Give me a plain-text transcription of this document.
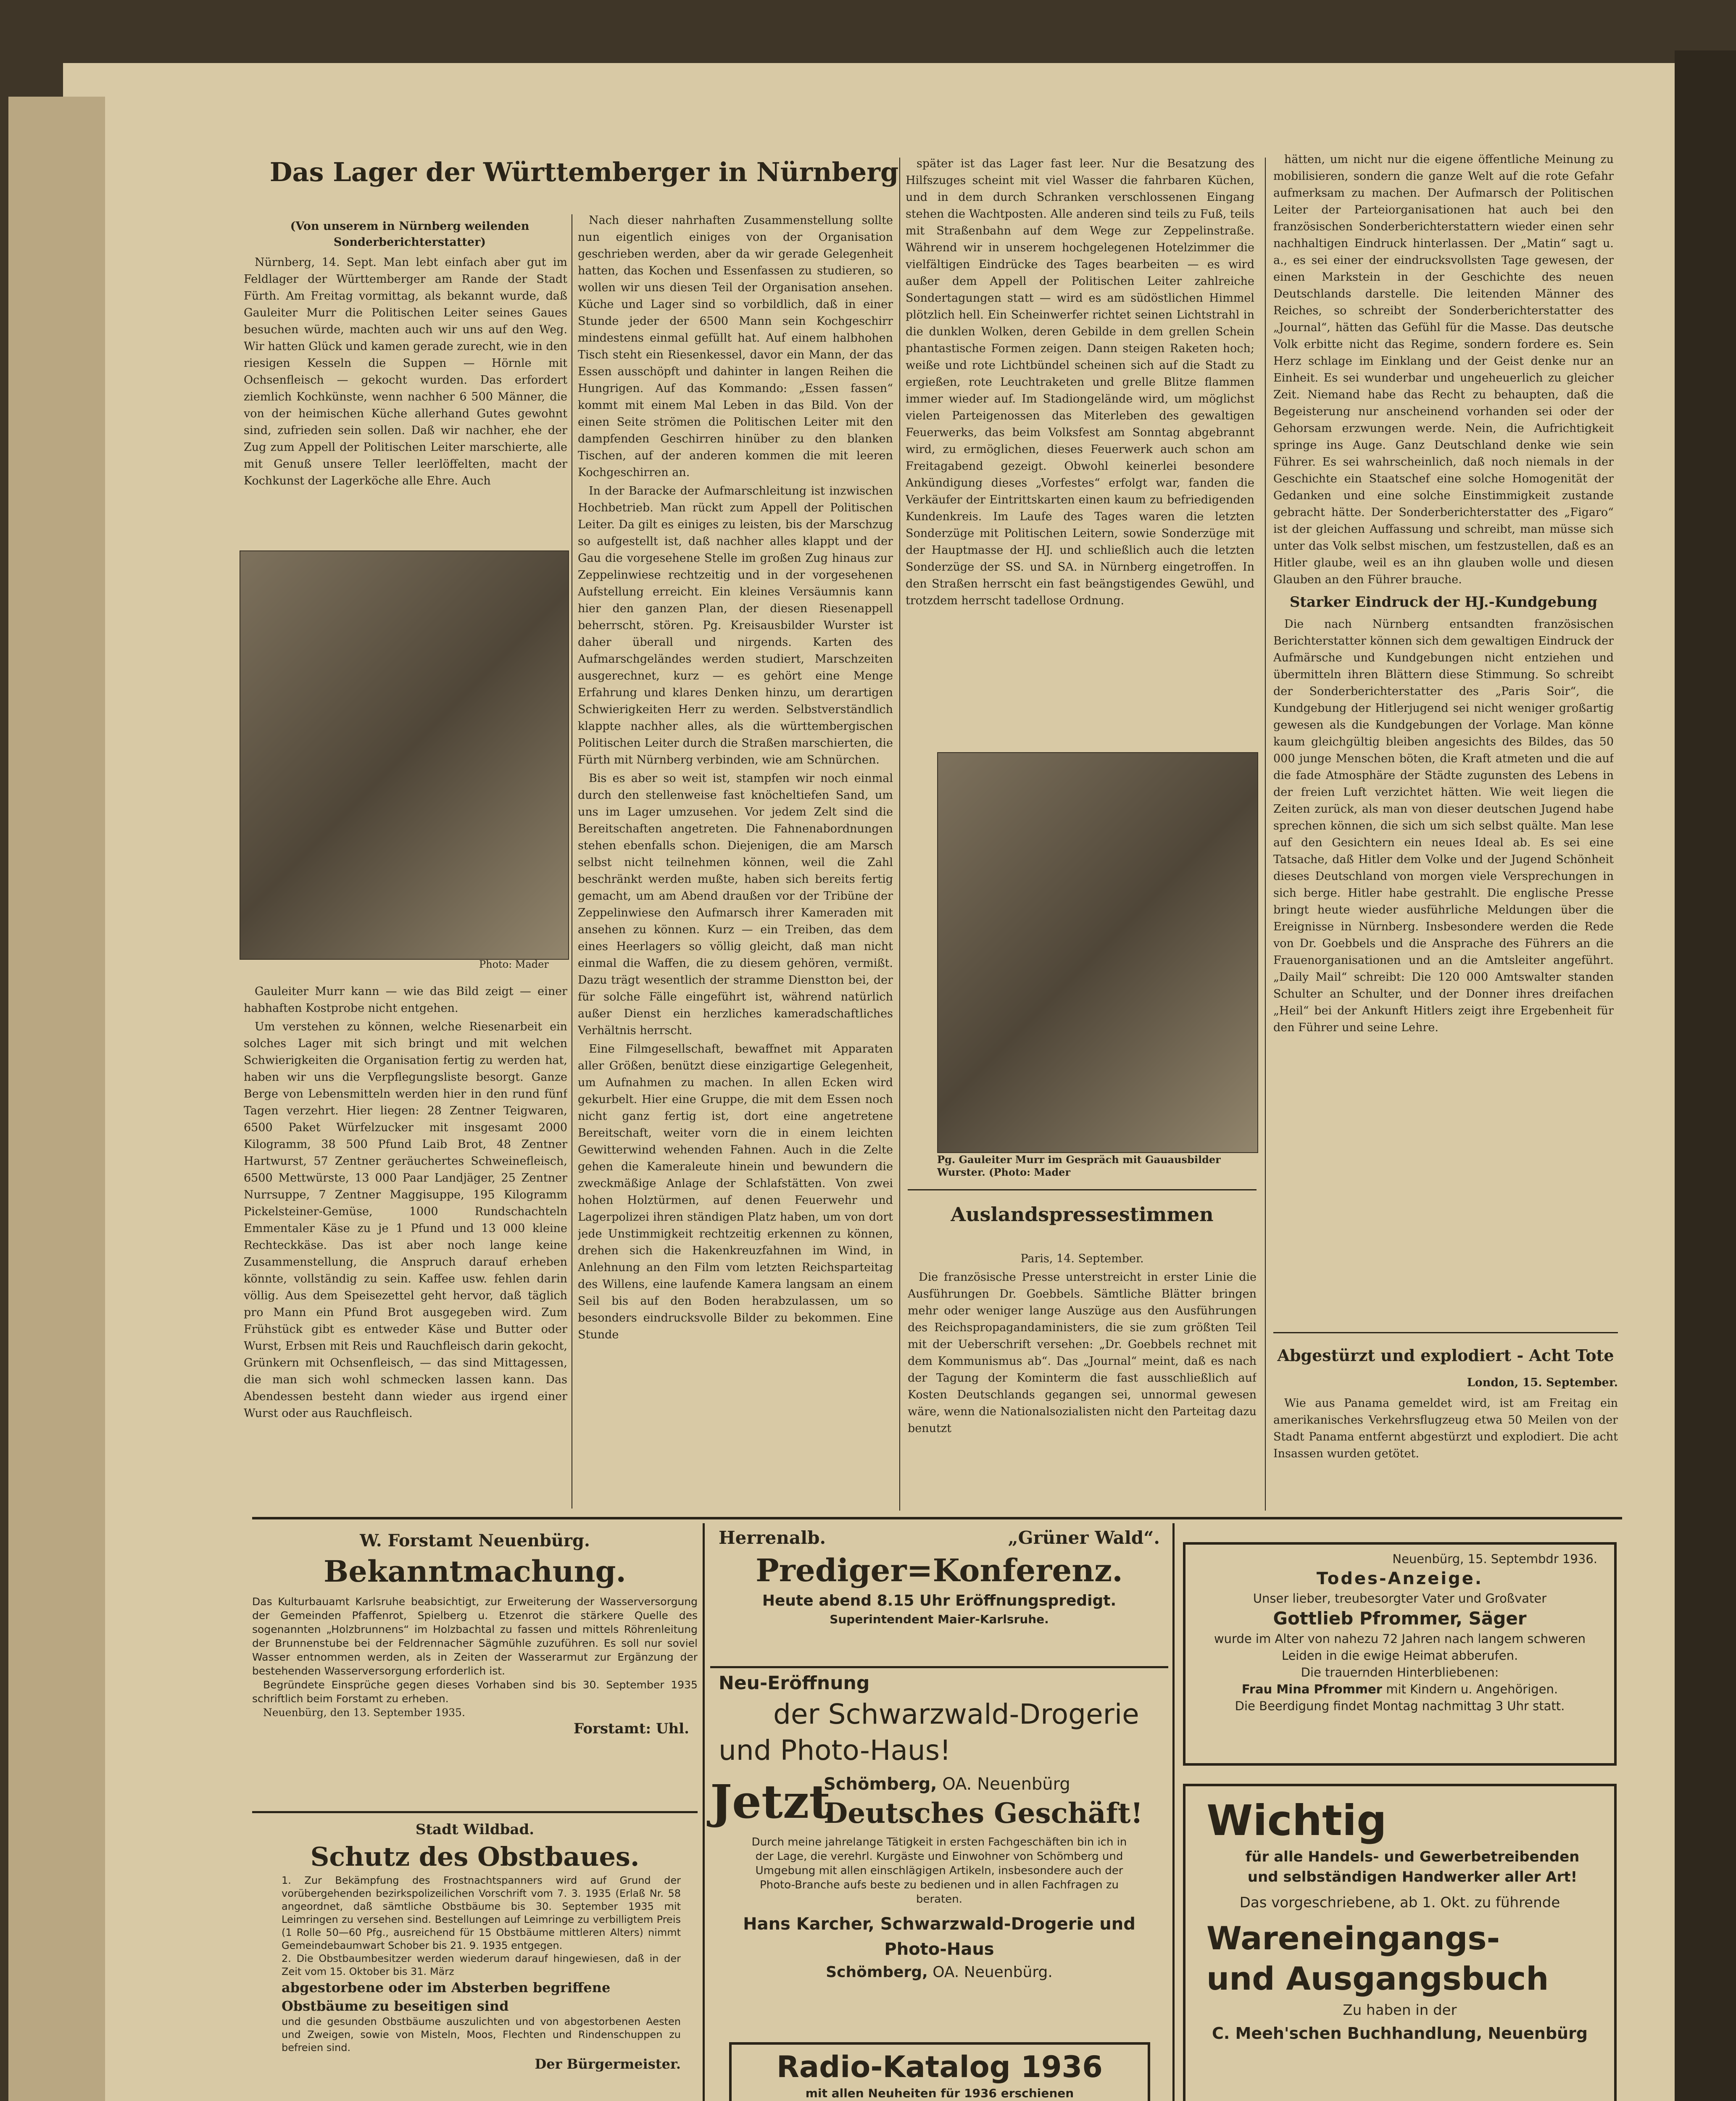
Das Lager der Württemberger in Nürnberg
(Von unserem in Nürnberg weilenden
Sonderberichterstatter)

Nürnberg, 14. Sept. Man lebt einfach aber gut im Feldlager der Württemberger am Rande der Stadt Fürth. Am Freitag vormittag, als bekannt wurde, daß Gauleiter Murr die Politischen Leiter seines Gaues besuchen würde, machten auch wir uns auf den Weg. Wir hatten Glück und kamen gerade zurecht, wie in den riesigen Kesseln die Suppen — Hörnle mit Ochsenfleisch — gekocht wurden. Das erfordert ziemlich Kochkünste, wenn nachher 6 500 Männer, die von der heimischen Küche allerhand Gutes gewohnt sind, zufrieden sein sollen. Daß wir nachher, ehe der Zug zum Appell der Politischen Leiter marschierte, alle mit Genuß unsere Teller leerlöffelten, macht der Kochkunst der Lagerköche alle Ehre. Auch

Photo: Mader

Gauleiter Murr kann — wie das Bild zeigt — einer habhaften Kostprobe nicht entgehen.

Um verstehen zu können, welche Riesenarbeit ein solches Lager mit sich bringt und mit welchen Schwierigkeiten die Organisation fertig zu werden hat, haben wir uns die Verpflegungsliste besorgt. Ganze Berge von Lebensmitteln werden hier in den rund fünf Tagen verzehrt. Hier liegen: 28 Zentner Teigwaren, 6500 Paket Würfelzucker mit insgesamt 2000 Kilogramm, 38 500 Pfund Laib Brot, 48 Zentner Hartwurst, 57 Zentner geräuchertes Schweinefleisch, 6500 Mettwürste, 13 000 Paar Landjäger, 25 Zentner Nurrsuppe, 7 Zentner Maggisuppe, 195 Kilogramm Pickelsteiner-Gemüse, 1000 Rundschachteln Emmentaler Käse zu je 1 Pfund und 13 000 kleine Rechteckkäse. Das ist aber noch lange keine Zusammenstellung, die Anspruch darauf erheben könnte, vollständig zu sein. Kaffee usw. fehlen darin völlig. Aus dem Speisezettel geht hervor, daß täglich pro Mann ein Pfund Brot ausgegeben wird. Zum Frühstück gibt es entweder Käse und Butter oder Wurst, Erbsen mit Reis und Rauchfleisch darin gekocht, Grünkern mit Ochsenfleisch, — das sind Mittagessen, die man sich wohl schmecken lassen kann. Das Abendessen besteht dann wieder aus irgend einer Wurst oder aus Rauchfleisch.

Nach dieser nahrhaften Zusammenstellung sollte nun eigentlich einiges von der Organisation geschrieben werden, aber da wir gerade Gelegenheit hatten, das Kochen und Essenfassen zu studieren, so wollen wir uns diesen Teil der Organisation ansehen. Küche und Lager sind so vorbildlich, daß in einer Stunde jeder der 6500 Mann sein Kochgeschirr mindestens einmal gefüllt hat. Auf einem halbhohen Tisch steht ein Riesenkessel, davor ein Mann, der das Essen ausschöpft und dahinter in langen Reihen die Hungrigen. Auf das Kommando: „Essen fassen“ kommt mit einem Mal Leben in das Bild. Von der einen Seite strömen die Politischen Leiter mit den dampfenden Geschirren hinüber zu den blanken Tischen, auf der anderen kommen die mit leeren Kochgeschirren an.

In der Baracke der Aufmarschleitung ist inzwischen Hochbetrieb. Man rückt zum Appell der Politischen Leiter. Da gilt es einiges zu leisten, bis der Marschzug so aufgestellt ist, daß nachher alles klappt und der Gau die vorgesehene Stelle im großen Zug hinaus zur Zeppelinwiese rechtzeitig und in der vorgesehenen Aufstellung erreicht. Ein kleines Versäumnis kann hier den ganzen Plan, der diesen Riesenappell beherrscht, stören. Pg. Kreisausbilder Wurster ist daher überall und nirgends. Karten des Aufmarschgeländes werden studiert, Marschzeiten ausgerechnet, kurz — es gehört eine Menge Erfahrung und klares Denken hinzu, um derartigen Schwierigkeiten Herr zu werden. Selbstverständlich klappte nachher alles, als die württembergischen Politischen Leiter durch die Straßen marschierten, die Fürth mit Nürnberg verbinden, wie am Schnürchen.

Bis es aber so weit ist, stampfen wir noch einmal durch den stellenweise fast knöcheltiefen Sand, um uns im Lager umzusehen. Vor jedem Zelt sind die Bereitschaften angetreten. Die Fahnenabordnungen stehen ebenfalls schon. Diejenigen, die am Marsch selbst nicht teilnehmen können, weil die Zahl beschränkt werden mußte, haben sich bereits fertig gemacht, um am Abend draußen vor der Tribüne der Zeppelinwiese den Aufmarsch ihrer Kameraden mit ansehen zu können. Kurz — ein Treiben, das dem eines Heerlagers so völlig gleicht, daß man nicht einmal die Waffen, die zu diesem gehören, vermißt. Dazu trägt wesentlich der stramme Dienstton bei, der für solche Fälle eingeführt ist, während natürlich außer Dienst ein herzliches kameradschaftliches Verhältnis herrscht.

Eine Filmgesellschaft, bewaffnet mit Apparaten aller Größen, benützt diese einzigartige Gelegenheit, um Aufnahmen zu machen. In allen Ecken wird gekurbelt. Hier eine Gruppe, die mit dem Essen noch nicht ganz fertig ist, dort eine angetretene Bereitschaft, weiter vorn die in einem leichten Gewitterwind wehenden Fahnen. Auch in die Zelte gehen die Kameraleute hinein und bewundern die zweckmäßige Anlage der Schlafstätten. Von zwei hohen Holztürmen, auf denen Feuerwehr und Lagerpolizei ihren ständigen Platz haben, um von dort jede Unstimmigkeit rechtzeitig erkennen zu können, drehen sich die Hakenkreuzfahnen im Wind, in Anlehnung an den Film vom letzten Reichsparteitag des Willens, eine laufende Kamera langsam an einem Seil bis auf den Boden herabzulassen, um so besonders eindrucksvolle Bilder zu bekommen. Eine Stunde

später ist das Lager fast leer. Nur die Besatzung des Hilfszuges scheint mit viel Wasser die fahrbaren Küchen, und in dem durch Schranken verschlossenen Eingang stehen die Wachtposten. Alle anderen sind teils zu Fuß, teils mit Straßenbahn auf dem Wege zur Zeppelinstraße. Während wir in unserem hochgelegenen Hotelzimmer die vielfältigen Eindrücke des Tages bearbeiten — es wird außer dem Appell der Politischen Leiter zahlreiche Sondertagungen statt — wird es am südöstlichen Himmel plötzlich hell. Ein Scheinwerfer richtet seinen Lichtstrahl in die dunklen Wolken, deren Gebilde in dem grellen Schein phantastische Formen zeigen. Dann steigen Raketen hoch; weiße und rote Lichtbündel scheinen sich auf die Stadt zu ergießen, rote Leuchtraketen und grelle Blitze flammen immer wieder auf. Im Stadiongelände wird, um möglichst vielen Parteigenossen das Miterleben des gewaltigen Feuerwerks, das beim Volksfest am Sonntag abgebrannt wird, zu ermöglichen, dieses Feuerwerk auch schon am Freitagabend gezeigt. Obwohl keinerlei besondere Ankündigung dieses „Vorfestes“ erfolgt war, fanden die Verkäufer der Eintrittskarten einen kaum zu befriedigenden Kundenkreis. Im Laufe des Tages waren die letzten Sonderzüge mit Politischen Leitern, sowie Sonderzüge mit der Hauptmasse der HJ. und schließlich auch die letzten Sonderzüge der SS. und SA. in Nürnberg eingetroffen. In den Straßen herrscht ein fast beängstigendes Gewühl, und trotzdem herrscht tadellose Ordnung.

Pg. Gauleiter Murr im Gespräch mit Gauausbilder Wurster. (Photo: Mader
Auslandspressestimmen
Paris, 14. September.

Die französische Presse unterstreicht in erster Linie die Ausführungen Dr. Goebbels. Sämtliche Blätter bringen mehr oder weniger lange Auszüge aus den Ausführungen des Reichspropagandaministers, die sie zum größten Teil mit der Ueberschrift versehen: „Dr. Goebbels rechnet mit dem Kommunismus ab“. Das „Journal“ meint, daß es nach der Tagung der Kominterm die fast ausschließlich auf Kosten Deutschlands gegangen sei, unnormal gewesen wäre, wenn die Nationalsozialisten nicht den Parteitag dazu benutzt

hätten, um nicht nur die eigene öffentliche Meinung zu mobilisieren, sondern die ganze Welt auf die rote Gefahr aufmerksam zu machen. Der Aufmarsch der Politischen Leiter der Parteiorganisationen hat auch bei den französischen Sonderberichterstattern wieder einen sehr nachhaltigen Eindruck hinterlassen. Der „Matin“ sagt u. a., es sei einer der eindrucksvollsten Tage gewesen, der einen Markstein in der Geschichte des neuen Deutschlands darstelle. Die leitenden Männer des Reiches, so schreibt der Sonderberichterstatter des „Journal“, hätten das Gefühl für die Masse. Das deutsche Volk erbitte nicht das Regime, sondern fordere es. Sein Herz schlage im Einklang und der Geist denke nur an Einheit. Es sei wunderbar und ungeheuerlich zu gleicher Zeit. Niemand habe das Recht zu behaupten, daß die Begeisterung nur anscheinend vorhanden sei oder der Gehorsam erzwungen werde. Nein, die Aufrichtigkeit springe ins Auge. Ganz Deutschland denke wie sein Führer. Es sei wahrscheinlich, daß noch niemals in der Geschichte ein Staatschef eine solche Homogenität der Gedanken und eine solche Einstimmigkeit zustande gebracht hätte. Der Sonderberichterstatter des „Figaro“ ist der gleichen Auffassung und schreibt, man müsse sich unter das Volk selbst mischen, um festzustellen, daß es an Hitler glaube, weil es an ihn glauben wolle und diesen Glauben an den Führer brauche.

Starker Eindruck der HJ.-Kundgebung

Die nach Nürnberg entsandten französischen Berichterstatter können sich dem gewaltigen Eindruck der Aufmärsche und Kundgebungen nicht entziehen und übermitteln ihren Blättern diese Stimmung. So schreibt der Sonderberichterstatter des „Paris Soir“, die Kundgebung der Hitlerjugend sei nicht weniger großartig gewesen als die Kundgebungen der Vorlage. Man könne kaum gleichgültig bleiben angesichts des Bildes, das 50 000 junge Menschen böten, die Kraft atmeten und die auf die fade Atmosphäre der Städte zugunsten des Lebens in der freien Luft verzichtet hätten. Wie weit liegen die Zeiten zurück, als man von dieser deutschen Jugend habe sprechen können, die sich um sich selbst quälte. Man lese auf den Gesichtern ein neues Ideal ab. Es sei eine Tatsache, daß Hitler dem Volke und der Jugend Schönheit dieses Deutschland von morgen viele Versprechungen in sich berge. Hitler habe gestrahlt. Die englische Presse bringt heute wieder ausführliche Meldungen über die Ereignisse in Nürnberg. Insbesondere werden die Rede von Dr. Goebbels und die Ansprache des Führers an die Frauenorganisationen und an die Amtsleiter angeführt. „Daily Mail“ schreibt: Die 120 000 Amtswalter standen Schulter an Schulter, und der Donner ihres dreifachen „Heil“ bei der Ankunft Hitlers zeigt ihre Ergebenheit für den Führer und seine Lehre.

Abgestürzt und explodiert - Acht Tote
London, 15. September.

Wie aus Panama gemeldet wird, ist am Freitag ein amerikanisches Verkehrsflugzeug etwa 50 Meilen von der Stadt Panama entfernt abgestürzt und explodiert. Die acht Insassen wurden getötet.

W. Forstamt Neuenbürg.
Bekanntmachung.
Das Kulturbauamt Karlsruhe beabsichtigt, zur Erweiterung der Wasserversorgung der Gemeinden Pfaffenrot, Spielberg u. Etzenrot die stärkere Quelle des sogenannten „Holzbrunnens“ im Holzbachtal zu fassen und mittels Röhrenleitung der Brunnenstube bei der Feldrennacher Sägmühle zuzuführen. Es soll nur soviel Wasser entnommen werden, als in Zeiten der Wasserarmut zur Ergänzung der bestehenden Wasserversorgung erforderlich ist.
Begründete Einsprüche gegen dieses Vorhaben sind bis 30. September 1935 schriftlich beim Forstamt zu erheben.
Neuenbürg, den 13. September 1935.
Forstamt: Uhl.
Stadt Wildbad.
Schutz des Obstbaues.
1. Zur Bekämpfung des Frostnachtspanners wird auf Grund der vorübergehenden bezirkspolizeilichen Vorschrift vom 7. 3. 1935 (Erlaß Nr. 58 angeordnet, daß sämtliche Obstbäume bis 30. September 1935 mit Leimringen zu versehen sind. Bestellungen auf Leimringe zu verbilligtem Preis (1 Rolle 50—60 Pfg., ausreichend für 15 Obstbäume mittleren Alters) nimmt Gemeindebaumwart Schober bis 21. 9. 1935 entgegen.
2. Die Obstbaumbesitzer werden wiederum darauf hingewiesen, daß in der Zeit vom 15. Oktober bis 31. März
abgestorbene oder im Absterben begriffene Obstbäume zu beseitigen sind
und die gesunden Obstbäume auszulichten und von abgestorbenen Aesten und Zweigen, sowie von Misteln, Moos, Flechten und Rindenschuppen zu befreien sind.
Der Bürgermeister.
Herrenalb.	„Grüner Wald“.
Prediger=Konferenz.
Heute abend 8.15 Uhr Eröffnungspredigt.
Superintendent Maier-Karlsruhe.
Neu-Eröffnung
der Schwarzwald-Drogerie
und Photo-Haus!
Jetzt
Schömberg, OA. Neuenbürg
Deutsches Geschäft!
Durch meine jahrelange Tätigkeit in ersten Fachgeschäften bin ich in der Lage, die verehrl. Kurgäste und Einwohner von Schömberg und Umgebung mit allen einschlägigen Artikeln, insbesondere auch der Photo-Branche aufs beste zu bedienen und in allen Fachfragen zu beraten.
Hans Karcher, Schwarzwald-Drogerie und Photo-Haus
Schömberg, OA. Neuenbürg.
Radio-Katalog 1936
mit allen Neuheiten für 1936 erschienen
Neuenbürg, 15. Septembdr 1936.
Todes-Anzeige.
Unser lieber, treubesorgter Vater und Großvater
Gottlieb Pfrommer, Säger
wurde im Alter von nahezu 72 Jahren nach langem schweren Leiden in die ewige Heimat abberufen.
Die trauernden Hinterbliebenen:
Frau Mina Pfrommer mit Kindern u. Angehörigen.
Die Beerdigung findet Montag nachmittag 3 Uhr statt.
Wichtig
für alle Handels- und Gewerbetreibenden
und selbständigen Handwerker aller Art!
Das vorgeschriebene, ab 1. Okt. zu führende
Wareneingangs-
und Ausgangsbuch
Zu haben in der
C. Meeh'schen Buchhandlung, Neuenbürg
